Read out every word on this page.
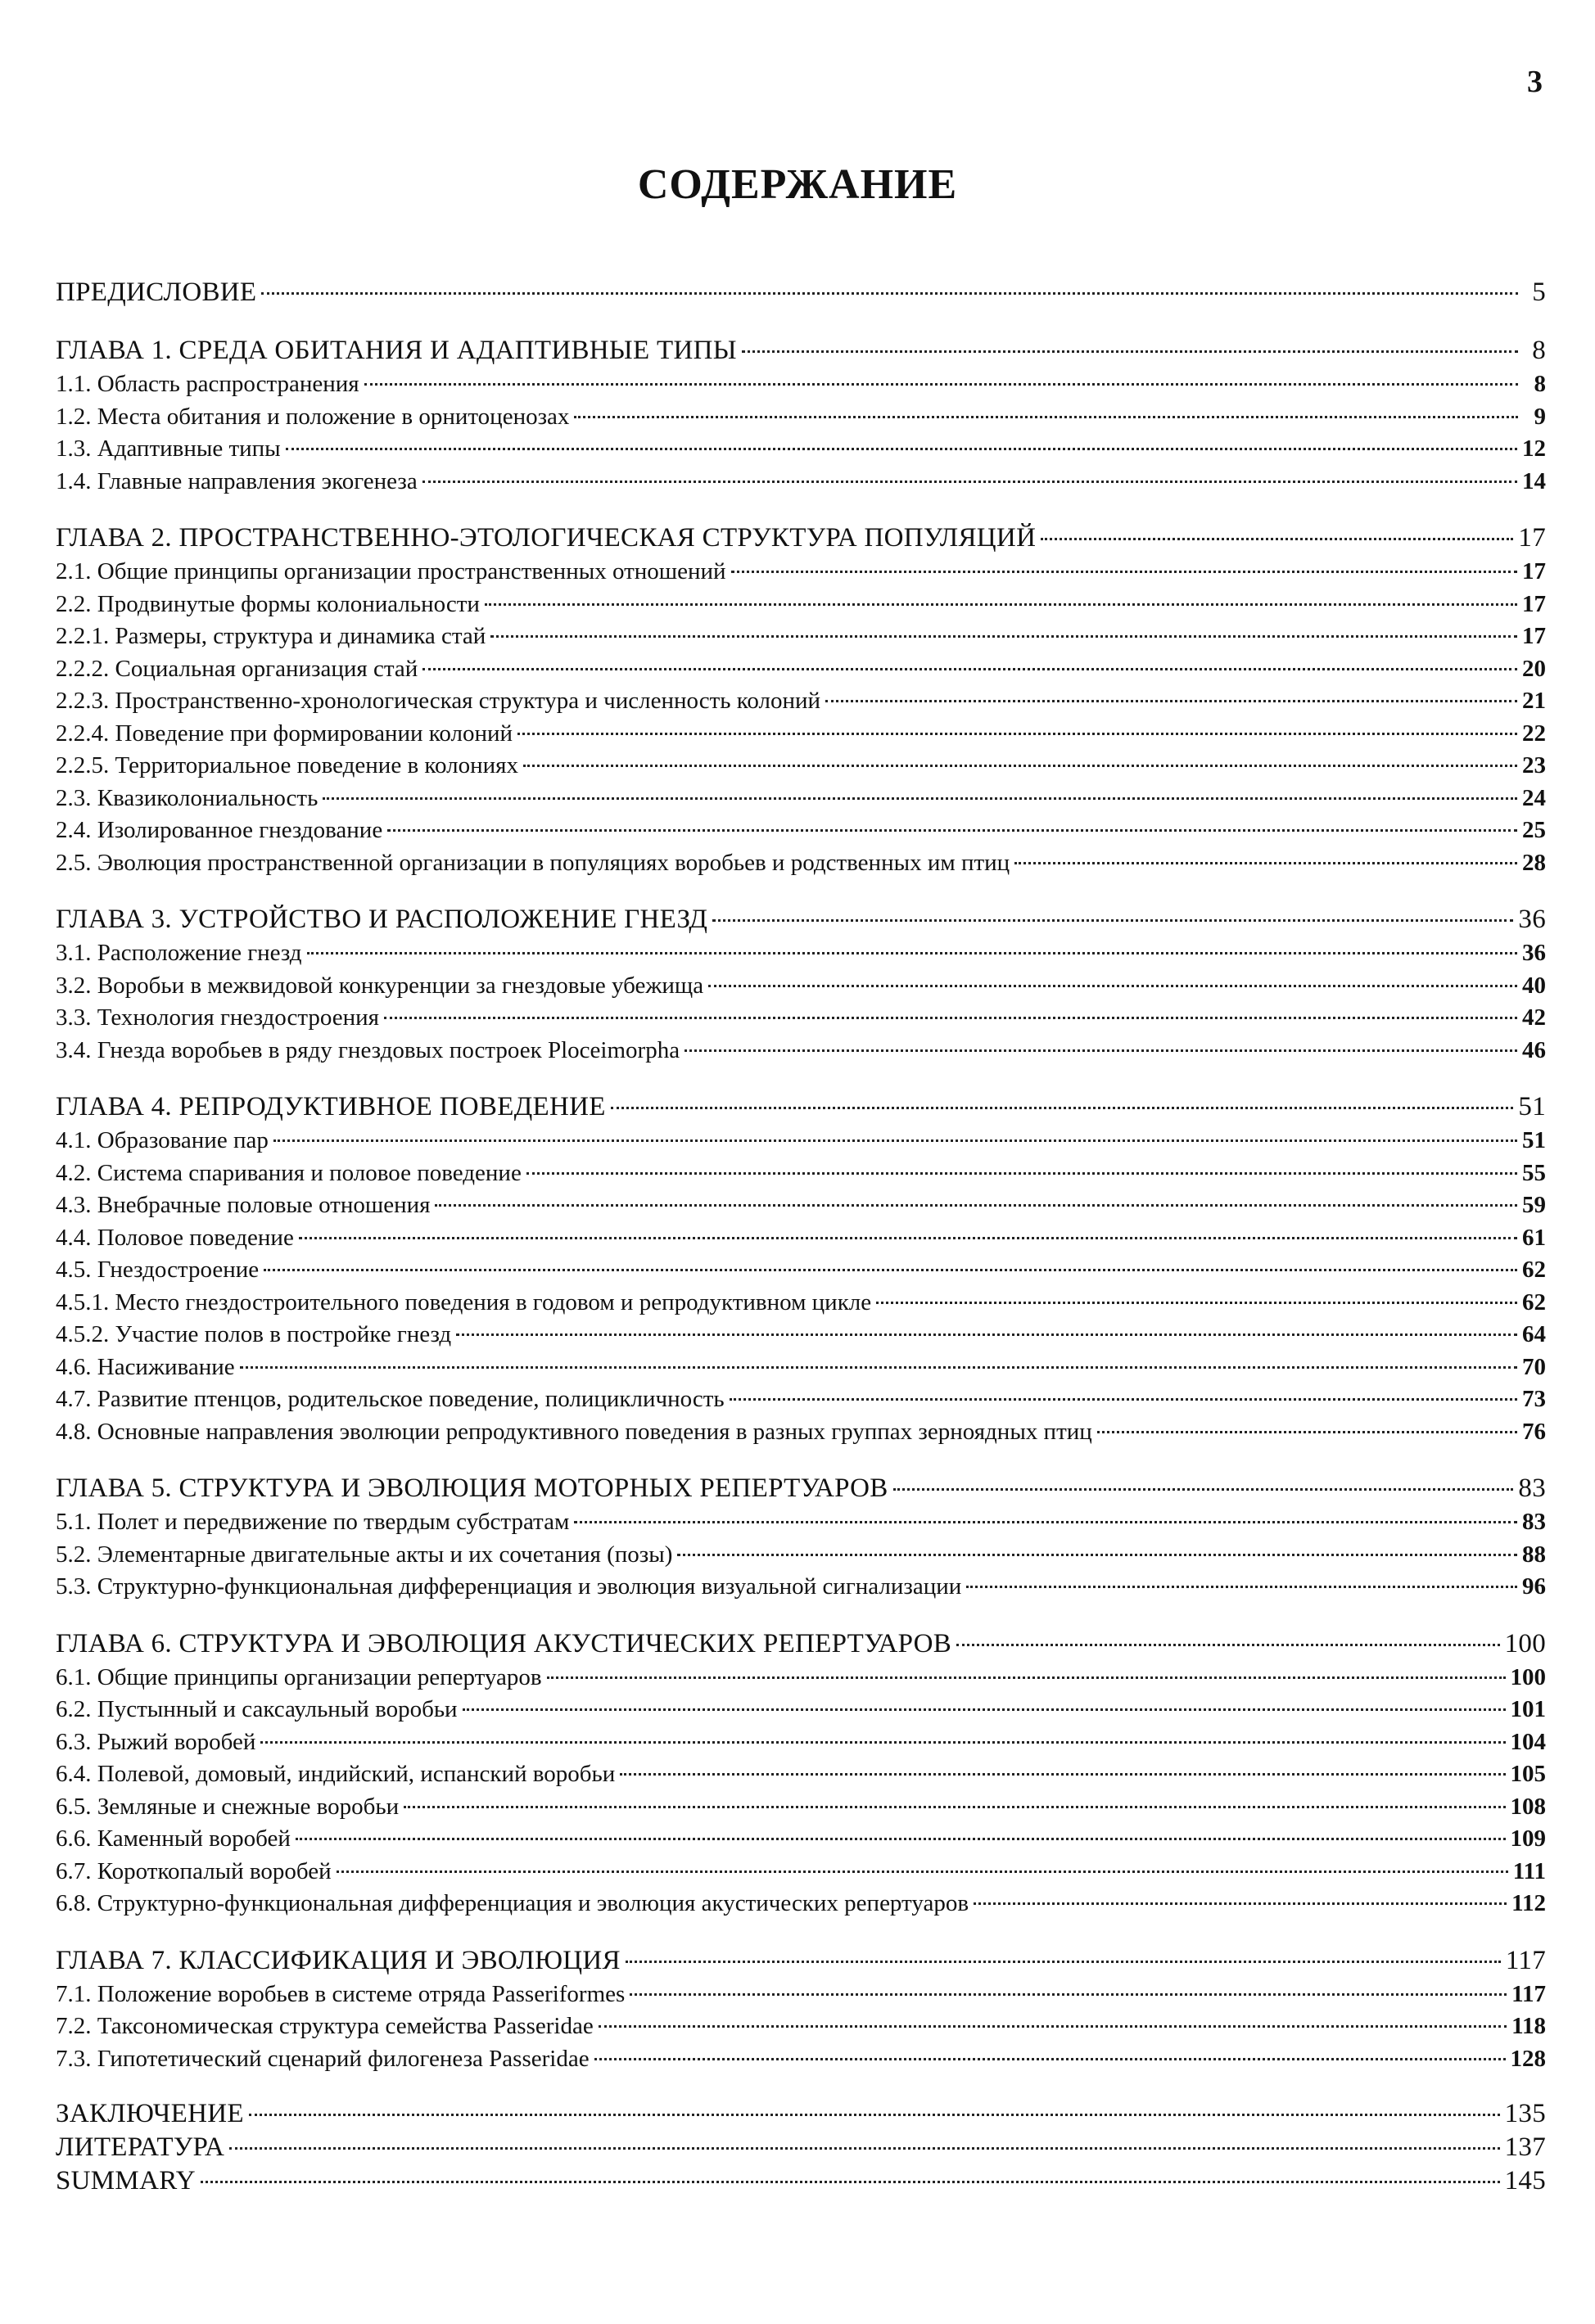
3
СОДЕРЖАНИЕ
ПРЕДИСЛОВИЕ	5
ГЛАВА 1. СРЕДА ОБИТАНИЯ И АДАПТИВНЫЕ ТИПЫ	8
1.1. Область распространения	8
1.2. Места обитания и положение в орнитоценозах	9
1.3. Адаптивные типы	12
1.4. Главные направления экогенеза	14
ГЛАВА 2. ПРОСТРАНСТВЕННО-ЭТОЛОГИЧЕСКАЯ СТРУКТУРА ПОПУЛЯЦИЙ	17
2.1. Общие принципы организации пространственных отношений	17
2.2. Продвинутые формы колониальности	17
2.2.1. Размеры, структура и динамика стай	17
2.2.2. Социальная организация стай	20
2.2.3. Пространственно-хронологическая структура и численность колоний	21
2.2.4. Поведение при формировании колоний	22
2.2.5. Территориальное поведение в колониях	23
2.3. Квазиколониальность	24
2.4. Изолированное гнездование	25
2.5. Эволюция пространственной организации в популяциях воробьев и родственных им птиц	28
ГЛАВА 3. УСТРОЙСТВО И РАСПОЛОЖЕНИЕ ГНЕЗД	36
3.1. Расположение гнезд	36
3.2. Воробьи в межвидовой конкуренции за гнездовые убежища	40
3.3. Технология гнездостроения	42
3.4. Гнезда воробьев в ряду гнездовых построек Ploceimorpha	46
ГЛАВА 4. РЕПРОДУКТИВНОЕ ПОВЕДЕНИЕ	51
4.1. Образование пар	51
4.2. Система спаривания и половое поведение	55
4.3. Внебрачные половые отношения	59
4.4. Половое поведение	61
4.5. Гнездостроение	62
4.5.1. Место гнездостроительного поведения в годовом и репродуктивном цикле	62
4.5.2. Участие полов в постройке гнезд	64
4.6. Насиживание	70
4.7. Развитие птенцов, родительское поведение, полицикличность	73
4.8. Основные направления эволюции репродуктивного поведения в разных группах зерноядных птиц	76
ГЛАВА 5. СТРУКТУРА И ЭВОЛЮЦИЯ МОТОРНЫХ РЕПЕРТУАРОВ	83
5.1. Полет и передвижение по твердым субстратам	83
5.2. Элементарные двигательные акты и их сочетания (позы)	88
5.3. Структурно-функциональная дифференциация и эволюция визуальной сигнализации	96
ГЛАВА 6. СТРУКТУРА И ЭВОЛЮЦИЯ АКУСТИЧЕСКИХ РЕПЕРТУАРОВ	100
6.1. Общие принципы организации репертуаров	100
6.2. Пустынный и саксаульный воробьи	101
6.3. Рыжий воробей	104
6.4. Полевой, домовый, индийский, испанский воробьи	105
6.5. Земляные и снежные воробьи	108
6.6. Каменный воробей	109
6.7. Короткопалый воробей	111
6.8. Структурно-функциональная дифференциация и эволюция акустических репертуаров	112
ГЛАВА 7. КЛАССИФИКАЦИЯ И ЭВОЛЮЦИЯ	117
7.1. Положение воробьев в системе отряда Passeriformes	117
7.2. Таксономическая структура семейства Passeridae	118
7.3. Гипотетический сценарий филогенеза Passeridae	128
ЗАКЛЮЧЕНИЕ	135
ЛИТЕРАТУРА	137
SUMMARY	145
